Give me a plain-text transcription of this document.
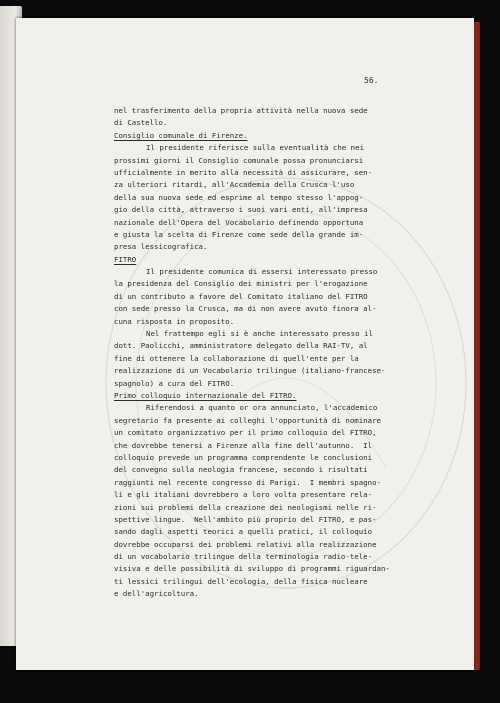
56.
nel trasferimento della propria attività nella nuova sede
di Castello.
Consiglio comunale di Firenze.
Il presidente riferisce sulla eventualità che nei
prossimi giorni il Consiglio comunale possa pronunciarsi
ufficialmente in merito alla necessità di assicurare, sen-
za ulteriori ritardi, all'Accademia della Crusca l'uso
della sua nuova sede ed esprime al tempo stesso l'appog-
gio della città, attraverso i suoi vari enti, all'impresa
nazionale dell'Opera del Vocabolario definendo opportuna
e giusta la scelta di Firenze come sede della grande im-
presa lessicografica.
FITRO
Il presidente comunica di essersi interessato presso
la presidenza del Consiglio dei ministri per l'erogazione
di un contributo a favore del Comitato italiano del FITRO
con sede presso la Crusca, ma di non avere avuto finora al-
cuna risposta in proposito.
Nel frattempo egli si è anche interessato presso il
dott. Paolicchi, amministratore delegato della RAI-TV, al
fine di ottenere la collaborazione di quell'ente per la
realizzazione di un Vocabolario trilingue (italiano-francese-
spagnolo) a cura del FITRO.
Primo colloquio internazionale del FITRO.
Riferendosi a quanto or ora annunciato, l'accademico
segretario fa presente ai colleghi l'opportunità di nominare
un comitato organizzativo per il primo colloquio del FITRO,
che dovrebbe tenersi a Firenze alla fine dell'autunno.  Il
colloquio prevede un programma comprendente le conclusioni
del convegno sulla neologia francese, secondo i risultati
raggiunti nel recente congresso di Parigi.  I membri spagno-
li e gli italiani dovrebbero a loro volta presentare rela-
zioni sui problemi della creazione dei neologismi nelle ri-
spettive lingue.  Nell'ambito più proprio del FITRO, e pas-
sando dagli aspetti teorici a quelli pratici, il colloquio
dovrebbe occuparsi dei problemi relativi alla realizzazione
di un vocabolario trilingue della terminologia radio-tele-
visiva e delle possibilità di sviluppo di programmi riguardan-
ti lessici trilingui dell'ecologia, della fisica nucleare
e dell'agricoltura.
